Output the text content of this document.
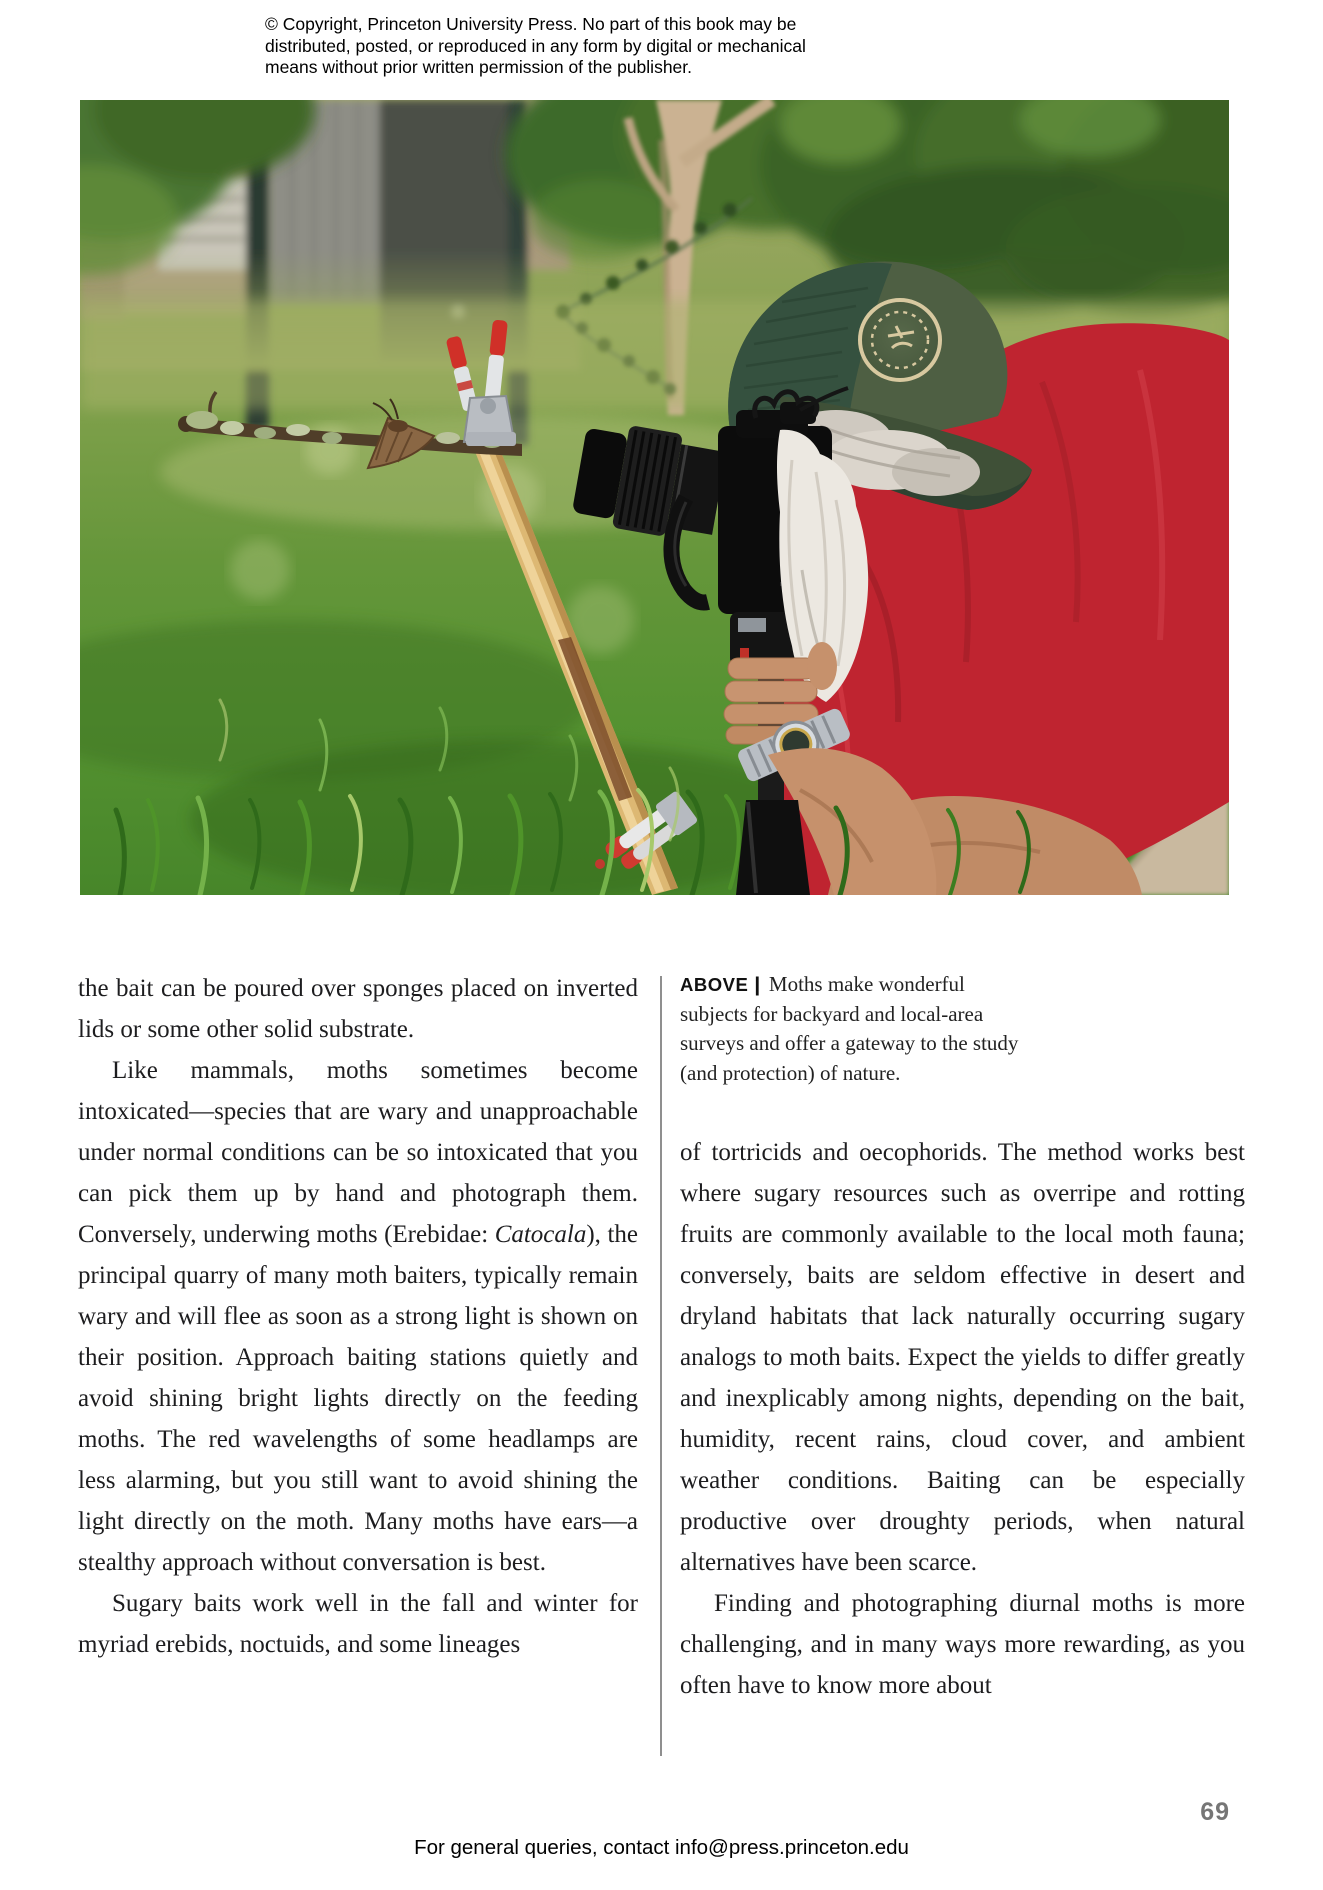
© Copyright, Princeton University Press. No part of this book may be
distributed, posted, or reproduced in any form by digital or mechanical
means without prior written permission of the publisher.
ABOVE | Moths make wonderful subjects for backyard and local-area surveys and offer a gateway to the study (and protection) of nature.

the bait can be poured over sponges placed on inverted lids or some other solid substrate.

Like mammals, moths sometimes become intoxicated—species that are wary and unapproachable under normal conditions can be so intoxicated that you can pick them up by hand and photograph them. Conversely, underwing moths (Erebidae: Catocala), the principal quarry of many moth baiters, typically remain wary and will flee as soon as a strong light is shown on their position. Approach baiting stations quietly and avoid shining bright lights directly on the feeding moths. The red wavelengths of some headlamps are less alarming, but you still want to avoid shining the light directly on the moth. Many moths have ears—a stealthy approach without conversation is best.

Sugary baits work well in the fall and winter for myriad erebids, noctuids, and some lineages

of tortricids and oecophorids. The method works best where sugary resources such as overripe and rotting fruits are commonly available to the local moth fauna; conversely, baits are seldom effective in desert and dryland habitats that lack naturally occurring sugary analogs to moth baits. Expect the yields to differ greatly and inexplicably among nights, depending on the bait, humidity, recent rains, cloud cover, and ambient weather conditions. Baiting can be especially productive over droughty periods, when natural alternatives have been scarce.

Finding and photographing diurnal moths is more challenging, and in many ways more rewarding, as you often have to know more about

69
For general queries, contact info@press.princeton.edu
